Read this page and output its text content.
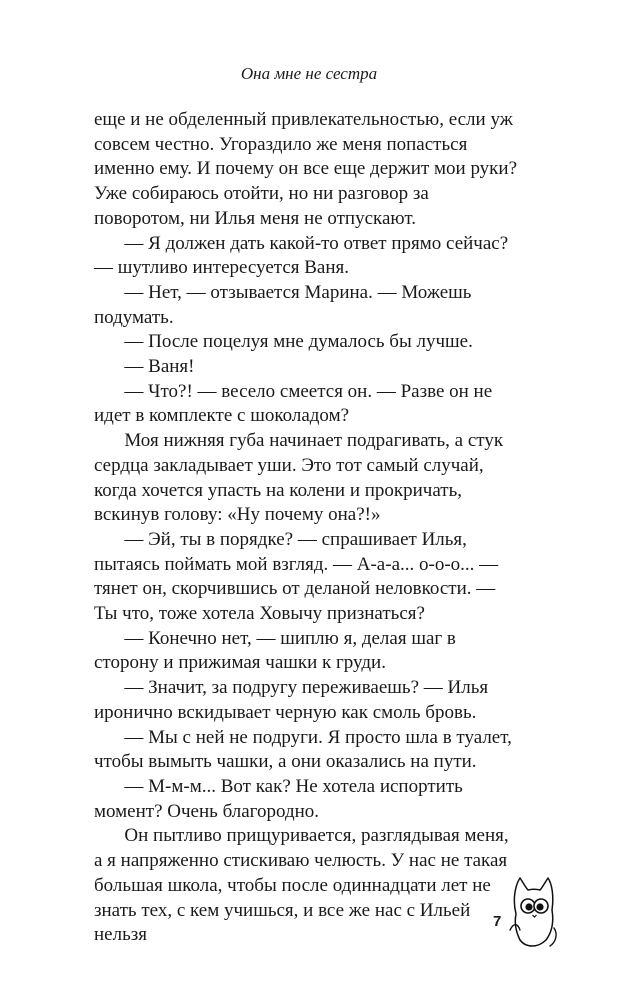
Она мне не сестра

еще и не обделенный привлекательностью, если уж совсем честно. Угораздило же меня попасться именно ему. И почему он все еще держит мои руки? Уже собираюсь отойти, но ни разговор за поворотом, ни Илья меня не отпускают.

— Я должен дать какой-то ответ прямо сейчас? — шутливо интересуется Ваня.

— Нет, — отзывается Марина. — Можешь подумать.

— После поцелуя мне думалось бы лучше.

— Ваня!

— Что?! — весело смеется он. — Разве он не идет в комплекте с шоколадом?

Моя нижняя губа начинает подрагивать, а стук сердца закладывает уши. Это тот самый случай, когда хочется упасть на колени и прокричать, вскинув голову: «Ну почему она?!»

— Эй, ты в порядке? — спрашивает Илья, пытаясь поймать мой взгляд. — А-а-а... о-о-о... — тянет он, скорчившись от деланой неловкости. — Ты что, тоже хотела Ховычу признаться?

— Конечно нет, — шиплю я, делая шаг в сторону и прижимая чашки к груди.

— Значит, за подругу переживаешь? — Илья иронично вскидывает черную как смоль бровь.

— Мы с ней не подруги. Я просто шла в туалет, чтобы вымыть чашки, а они оказались на пути.

— М-м-м... Вот как? Не хотела испортить момент? Очень благородно.

Он пытливо прищуривается, разглядывая меня, а я напряженно стискиваю челюсть. У нас не такая большая школа, чтобы после одиннадцати лет не знать тех, с кем учишься, и все же нас с Ильей нельзя

7
